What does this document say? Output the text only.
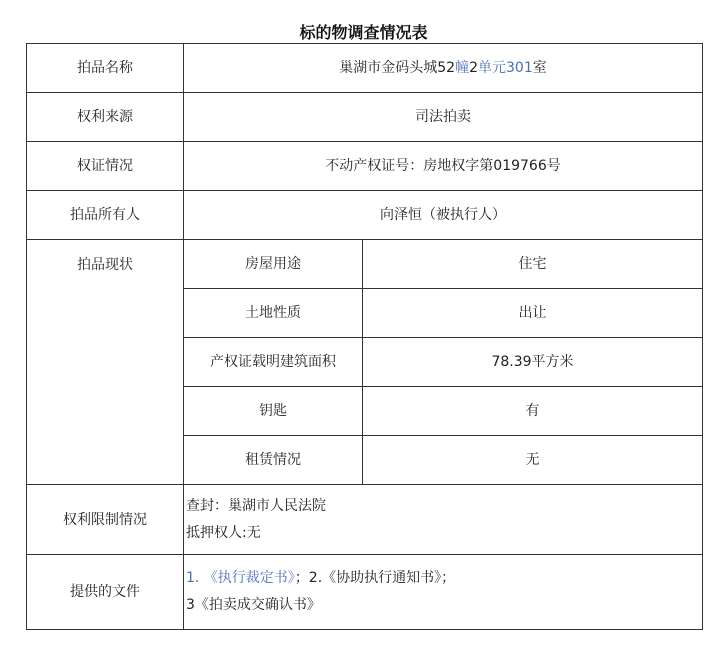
标的物调查情况表
拍品名称	巢湖市金码头城52幢2单元301室	
权利来源	司法拍卖	
权证情况	不动产权证号：房地权字第019766号	
拍品所有人	向泽恒（被执行人）	
拍品现状	房屋用途	住宅
	土地性质	出让
	产权证载明建筑面积	78.39平方米
	钥匙	有
	租赁情况	无
权利限制情况	查封：巢湖市人民法院
抵押权人:无	

提供的文件	1. 《执行裁定书》；2.《协助执行通知书》；
3《拍卖成交确认书》	
